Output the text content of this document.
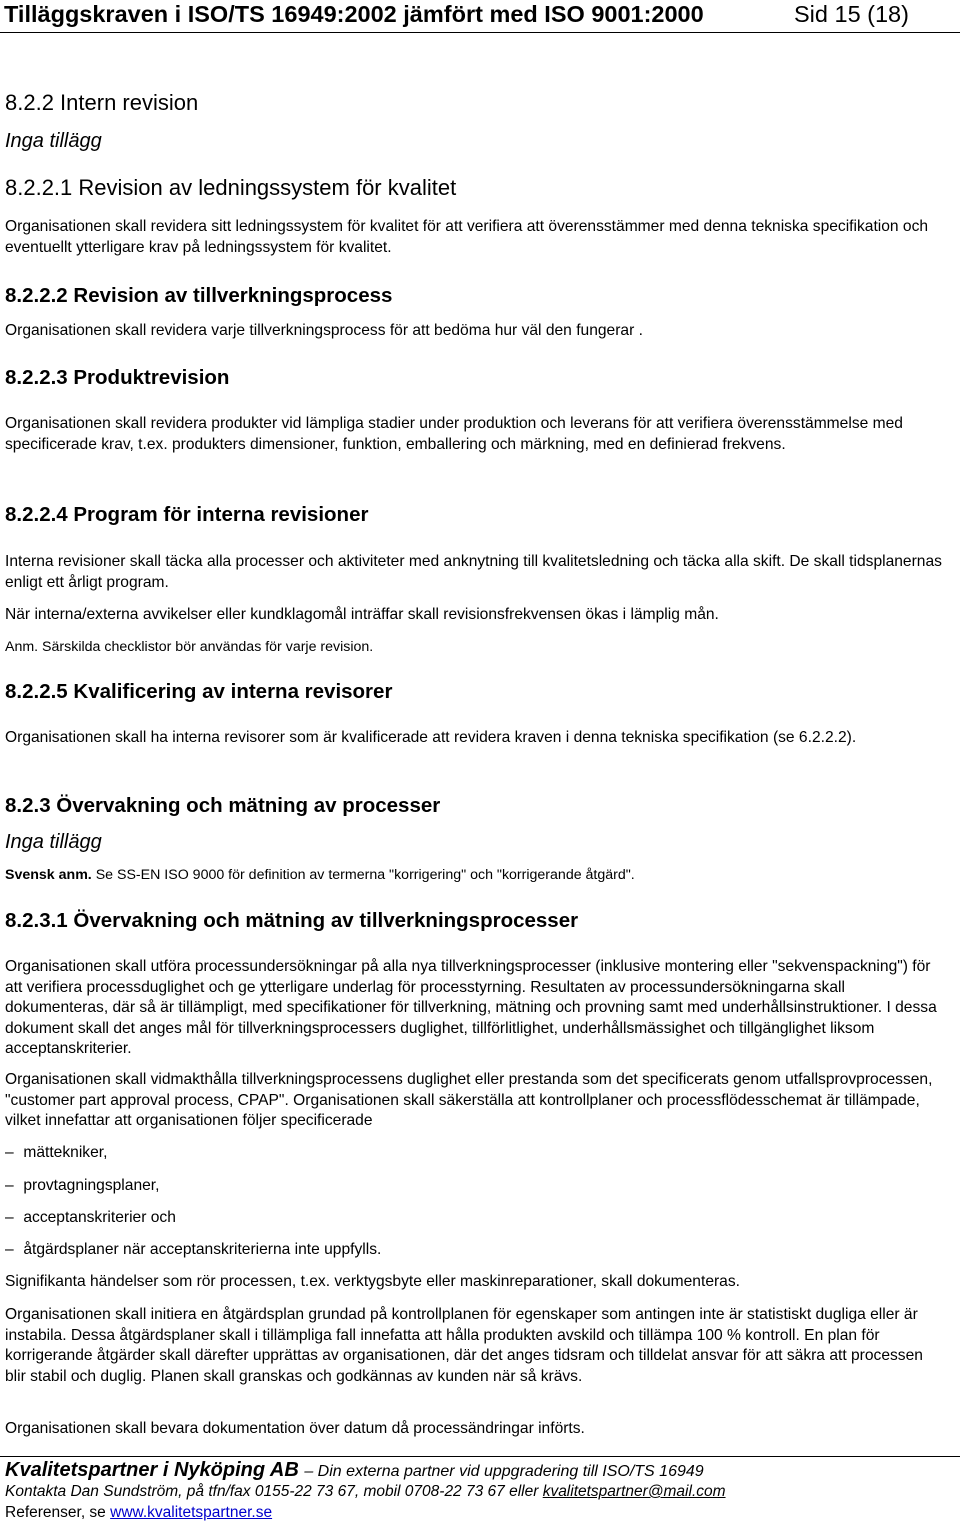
Tilläggskraven i ISO/TS 16949:2002 jämfört med ISO 9001:2000	Sid 15 (18)
8.2.2 Intern revision
Inga tillägg
8.2.2.1 Revision av ledningssystem för kvalitet
Organisationen skall revidera sitt ledningssystem för kvalitet för att verifiera att överensstämmer med denna tekniska specifikation och eventuellt ytterligare krav på ledningssystem för kvalitet.
8.2.2.2 Revision av tillverkningsprocess
Organisationen skall revidera varje tillverkningsprocess för att bedöma hur väl den fungerar .
8.2.2.3 Produktrevision
Organisationen skall revidera produkter vid lämpliga stadier under produktion och leverans för att verifiera överensstämmelse med specificerade krav, t.ex. produkters dimensioner, funktion, emballering och märkning, med en definierad frekvens.
8.2.2.4 Program för interna revisioner
Interna revisioner skall täcka alla processer och aktiviteter med anknytning till kvalitetsledning och täcka alla skift. De skall tidsplanernas enligt ett årligt program.
När interna/externa avvikelser eller kundklagomål inträffar skall revisionsfrekvensen ökas i lämplig mån.
Anm. Särskilda checklistor bör användas för varje revision.
8.2.2.5 Kvalificering av interna revisorer
Organisationen skall ha interna revisorer som är kvalificerade att revidera kraven i denna tekniska specifikation (se 6.2.2.2).
8.2.3 Övervakning och mätning av processer
Inga tillägg
Svensk anm. Se SS-EN ISO 9000 för definition av termerna "korrigering" och "korrigerande åtgärd".
8.2.3.1 Övervakning och mätning av tillverkningsprocesser
Organisationen skall utföra processundersökningar på alla nya tillverkningsprocesser (inklusive montering eller "sekvenspackning") för att verifiera processduglighet och ge ytterligare underlag för processtyrning. Resultaten av processundersökningarna skall dokumenteras, där så är tillämpligt, med specifikationer för tillverkning, mätning och provning samt med underhållsinstruktioner. I dessa dokument skall det anges mål för tillverkningsprocessers duglighet, tillförlitlighet, underhållsmässighet och tillgänglighet liksom acceptanskriterier.
Organisationen skall vidmakthålla tillverkningsprocessens duglighet eller prestanda som det specificerats genom utfallsprovprocessen, "customer part approval process, CPAP". Organisationen skall säkerställa att kontrollplaner och processflödesschemat är tillämpade, vilket innefattar att organisationen följer specificerade
– mättekniker,
– provtagningsplaner,
– acceptanskriterier och
– åtgärdsplaner när acceptanskriterierna inte uppfylls.
Signifikanta händelser som rör processen, t.ex. verktygsbyte eller maskinreparationer, skall dokumenteras.
Organisationen skall initiera en åtgärdsplan grundad på kontrollplanen för egenskaper som antingen inte är statistiskt dugliga eller är instabila. Dessa åtgärdsplaner skall i tillämpliga fall innefatta att hålla produkten avskild och tillämpa 100 % kontroll. En plan för korrigerande åtgärder skall därefter upprättas av organisationen, där det anges tidsram och tilldelat ansvar för att säkra att processen blir stabil och duglig. Planen skall granskas och godkännas av kunden när så krävs.
Organisationen skall bevara dokumentation över datum då processändringar införts.
Kvalitetspartner i Nyköping AB – Din externa partner vid uppgradering till ISO/TS 16949
Kontakta Dan Sundström, på tfn/fax 0155-22 73 67, mobil 0708-22 73 67 eller kvalitetspartner@mail.com
Referenser, se www.kvalitetspartner.se
